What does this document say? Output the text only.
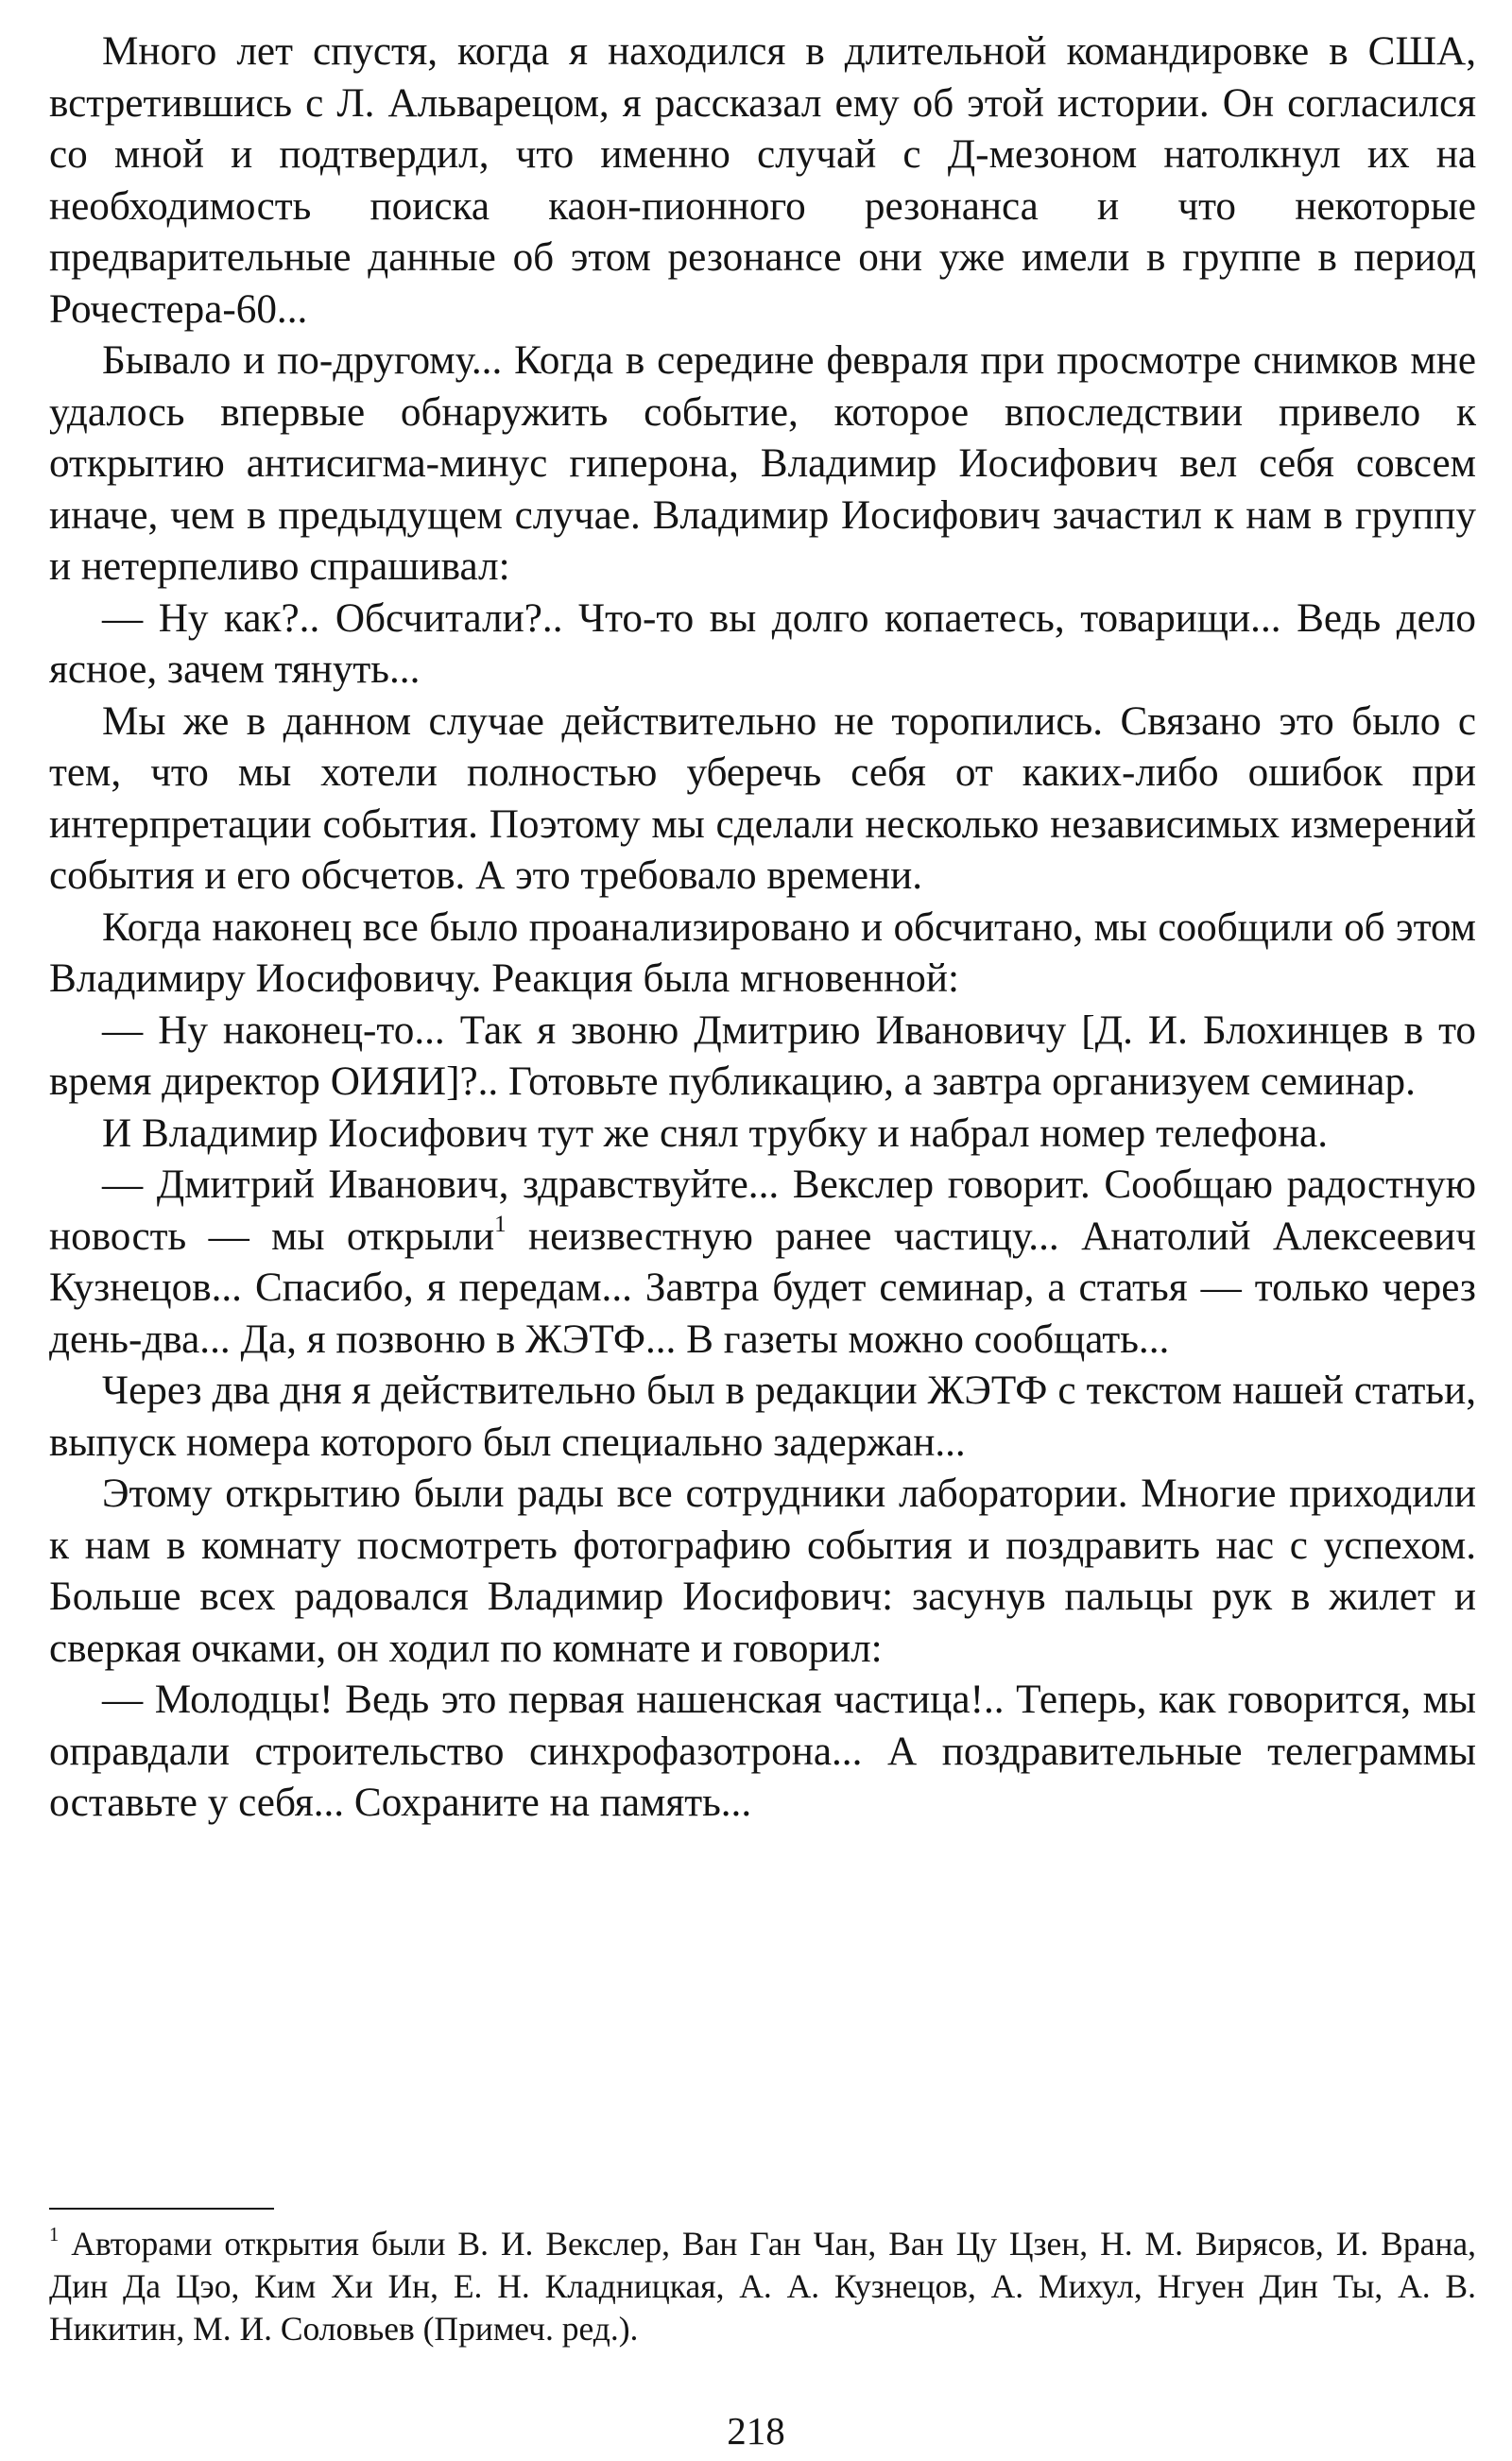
Много лет спустя, когда я находился в длительной командировке в США, встретившись с Л. Альварецом, я рассказал ему об этой истории. Он согласился со мной и подтвердил, что именно случай с Д-мезоном натолкнул их на необходимость поиска каон-пионного резонанса и что некоторые предварительные данные об этом резонансе они уже имели в группе в период Рочестера-60...

Бывало и по-другому... Когда в середине февраля при просмотре снимков мне удалось впервые обнаружить событие, которое впоследствии привело к открытию антисигма-минус гиперона, Владимир Иосифович вел себя совсем иначе, чем в предыдущем случае. Владимир Иосифович зачастил к нам в группу и нетерпеливо спрашивал:

— Ну как?.. Обсчитали?.. Что-то вы долго копаетесь, товарищи... Ведь дело ясное, зачем тянуть...

Мы же в данном случае действительно не торопились. Связано это было с тем, что мы хотели полностью уберечь себя от каких-либо ошибок при интерпретации события. Поэтому мы сделали несколько независимых измерений события и его обсчетов. А это требовало времени.

Когда наконец все было проанализировано и обсчитано, мы сообщили об этом Владимиру Иосифовичу. Реакция была мгновенной:

— Ну наконец-то... Так я звоню Дмитрию Ивановичу [Д. И. Блохинцев в то время директор ОИЯИ]?.. Готовьте публикацию, а завтра организуем семинар.

И Владимир Иосифович тут же снял трубку и набрал номер телефона.

— Дмитрий Иванович, здравствуйте... Векслер говорит. Сообщаю радостную новость — мы открыли$^1$ неизвестную ранее частицу... Анатолий Алексеевич Кузнецов... Спасибо, я передам... Завтра будет семинар, а статья — только через день-два... Да, я позвоню в ЖЭТФ... В газеты можно сообщать...

Через два дня я действительно был в редакции ЖЭТФ с текстом нашей статьи, выпуск номера которого был специально задержан...

Этому открытию были рады все сотрудники лаборатории. Многие приходили к нам в комнату посмотреть фотографию события и поздравить нас с успехом. Больше всех радовался Владимир Иосифович: засунув пальцы рук в жилет и сверкая очками, он ходил по комнате и говорил:

— Молодцы! Ведь это первая нашенская частица!.. Теперь, как говорится, мы оправдали строительство синхрофазотрона... А поздравительные телеграммы оставьте у себя... Сохраните на память...

$^1$ Авторами открытия были В. И. Векслер, Ван Ган Чан, Ван Цу Цзен, Н. М. Вирясов, И. Врана, Дин Да Цэо, Ким Хи Ин, Е. Н. Кладницкая, А. А. Кузнецов, А. Михул, Нгуен Дин Ты, А. В. Никитин, М. И. Соловьев (Примеч. ред.).

218
